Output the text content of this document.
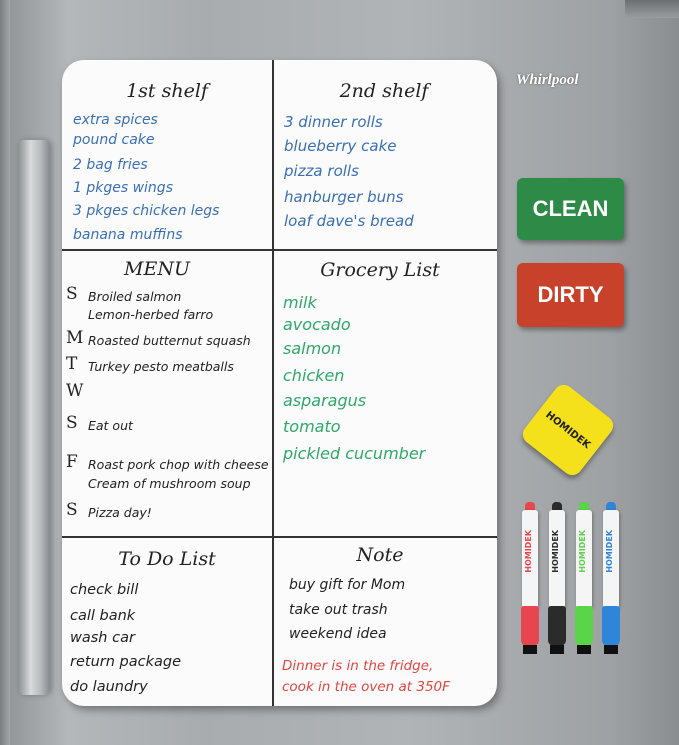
1st shelf	2nd shelf
MENU	Grocery List
To Do List	Note
extra spices
pound cake
2 bag fries
1 pkges wings
3 pkges chicken legs
banana muffins
3 dinner rolls
blueberry cake
pizza rolls
hanburger buns
loaf dave's bread
S Broiled salmon
Lemon-herbed farro
M Roasted butternut squash
T Turkey pesto meatballs
W
S Eat out
F Roast pork chop with cheese
Cream of mushroom soup
S Pizza day!
milk
avocado
salmon
chicken
asparagus
tomato
pickled cucumber
check bill
call bank
wash car
return package
do laundry
buy gift for Mom
take out trash
weekend idea
Dinner is in the fridge,
cook in the oven at 350F
Whirlpool
CLEAN
DIRTY
HOMIDEK
HOMIDEK HOMIDEK HOMIDEK HOMIDEK
